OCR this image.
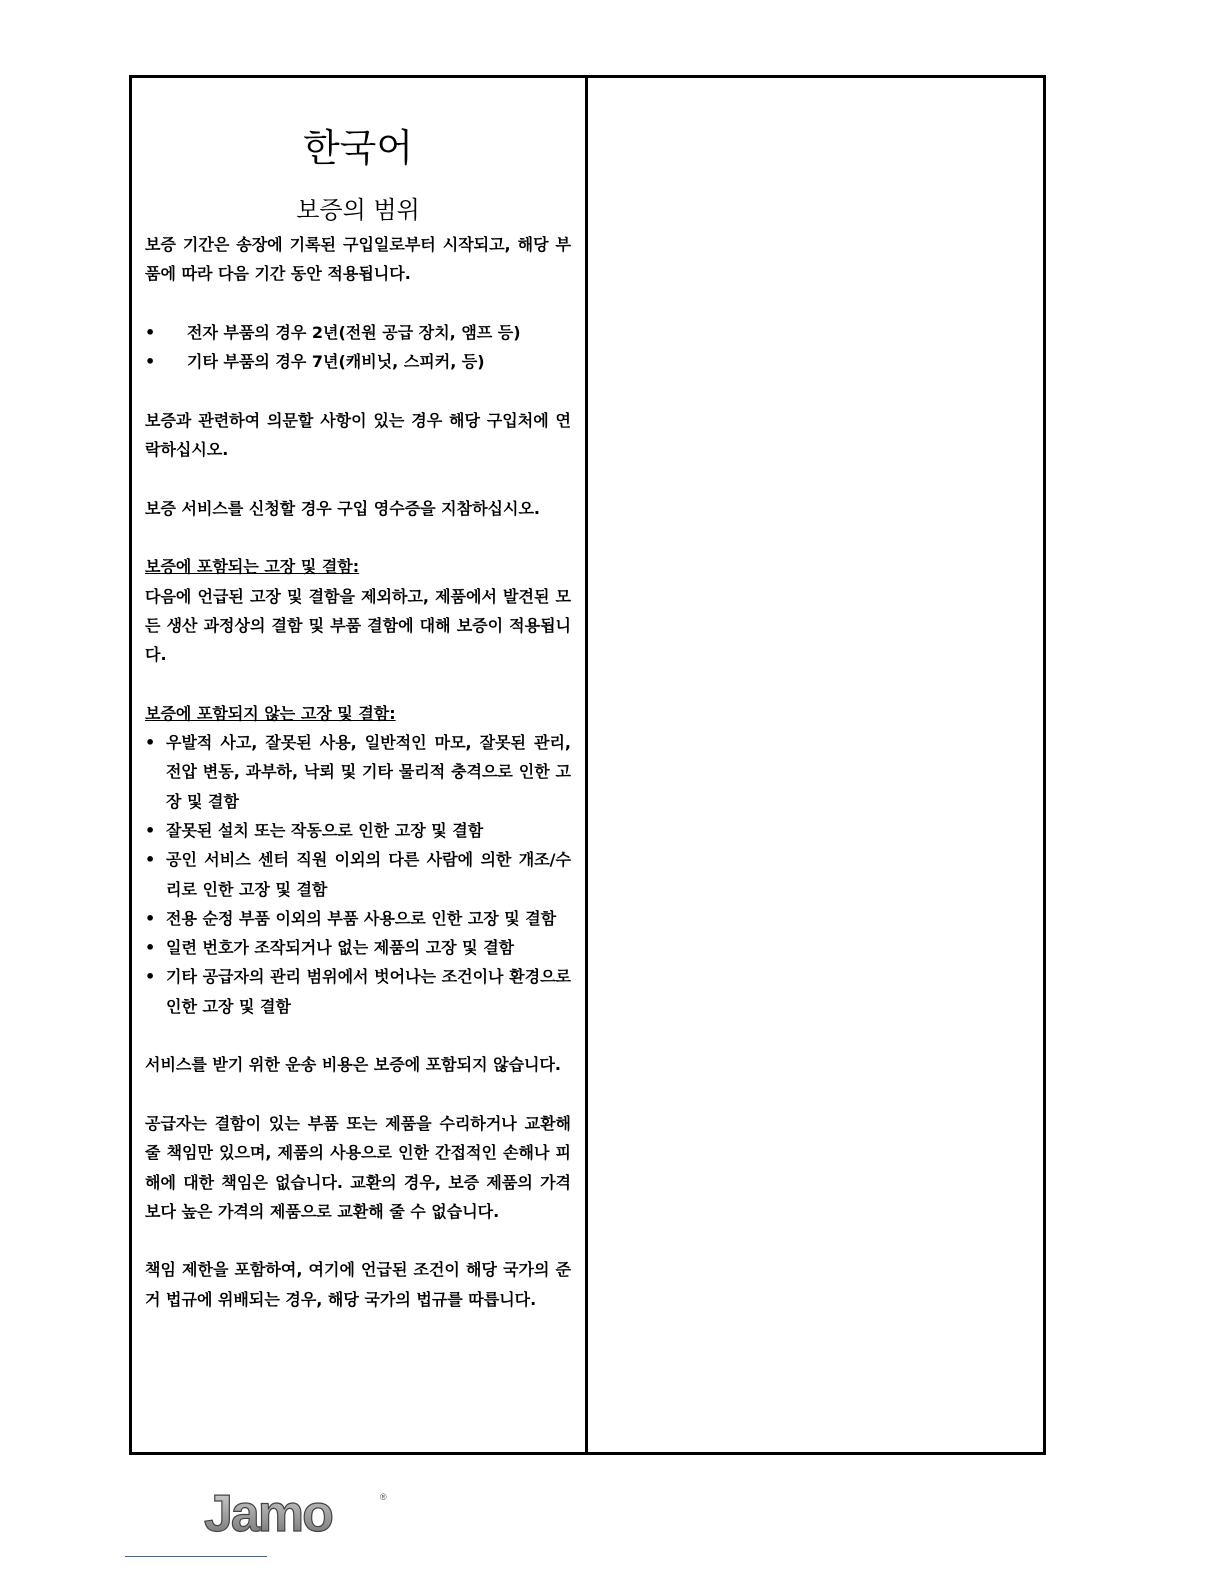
한국어
보증의 범위

보증 기간은 송장에 기록된 구입일로부터 시작되고, 해당 부품에 따라 다음 기간 동안 적용됩니다.

• 전자 부품의 경우 2년(전원 공급 장치, 앰프 등)
• 기타 부품의 경우 7년(캐비닛, 스피커, 등)

보증과 관련하여 의문할 사항이 있는 경우 해당 구입처에 연락하십시오.

보증 서비스를 신청할 경우 구입 영수증을 지참하십시오.

보증에 포함되는 고장 및 결함:

다음에 언급된 고장 및 결함을 제외하고, 제품에서 발견된 모든 생산 과정상의 결함 및 부품 결함에 대해 보증이 적용됩니다.

보증에 포함되지 않는 고장 및 결함:

• 우발적 사고, 잘못된 사용, 일반적인 마모, 잘못된 관리, 전압 변동, 과부하, 낙뢰 및 기타 물리적 충격으로 인한 고장 및 결함
• 잘못된 설치 또는 작동으로 인한 고장 및 결함
• 공인 서비스 센터 직원 이외의 다른 사람에 의한 개조/수리로 인한 고장 및 결함
• 전용 순정 부품 이외의 부품 사용으로 인한 고장 및 결함
• 일련 번호가 조작되거나 없는 제품의 고장 및 결함
• 기타 공급자의 관리 범위에서 벗어나는 조건이나 환경으로 인한 고장 및 결함

서비스를 받기 위한 운송 비용은 보증에 포함되지 않습니다.

공급자는 결함이 있는 부품 또는 제품을 수리하거나 교환해 줄 책임만 있으며, 제품의 사용으로 인한 간접적인 손해나 피해에 대한 책임은 없습니다. 교환의 경우, 보증 제품의 가격보다 높은 가격의 제품으로 교환해 줄 수 없습니다.

책임 제한을 포함하여, 여기에 언급된 조건이 해당 국가의 준거 법규에 위배되는 경우, 해당 국가의 법규를 따릅니다.

Jamo	®
